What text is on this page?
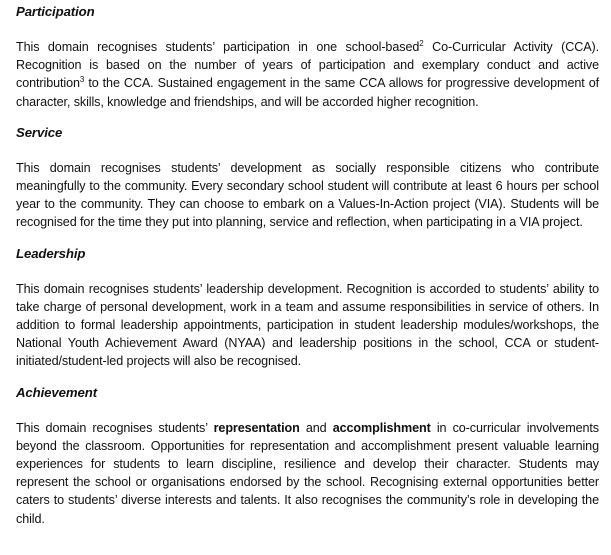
Participation

This domain recognises students’ participation in one school-based$^2$ Co-Curricular Activity (CCA). Recognition is based on the number of years of participation and exemplary conduct and active contribution$^3$ to the CCA. Sustained engagement in the same CCA allows for progressive development of character, skills, knowledge and friendships, and will be accorded higher recognition.

Service

This domain recognises students’ development as socially responsible citizens who contribute meaningfully to the community. Every secondary school student will contribute at least 6 hours per school year to the community. They can choose to embark on a Values-In-Action project (VIA). Students will be recognised for the time they put into planning, service and reflection, when participating in a VIA project.

Leadership

This domain recognises students’ leadership development. Recognition is accorded to students’ ability to take charge of personal development, work in a team and assume responsibilities in service of others. In addition to formal leadership appointments, participation in student leadership modules/workshops, the National Youth Achievement Award (NYAA) and leadership positions in the school, CCA or student-initiated/student-led projects will also be recognised.

Achievement

This domain recognises students’ representation and accomplishment in co-curricular involvements beyond the classroom. Opportunities for representation and accomplishment present valuable learning experiences for students to learn discipline, resilience and develop their character. Students may represent the school or organisations endorsed by the school. Recognising external opportunities better caters to students’ diverse interests and talents. It also recognises the community’s role in developing the child.
